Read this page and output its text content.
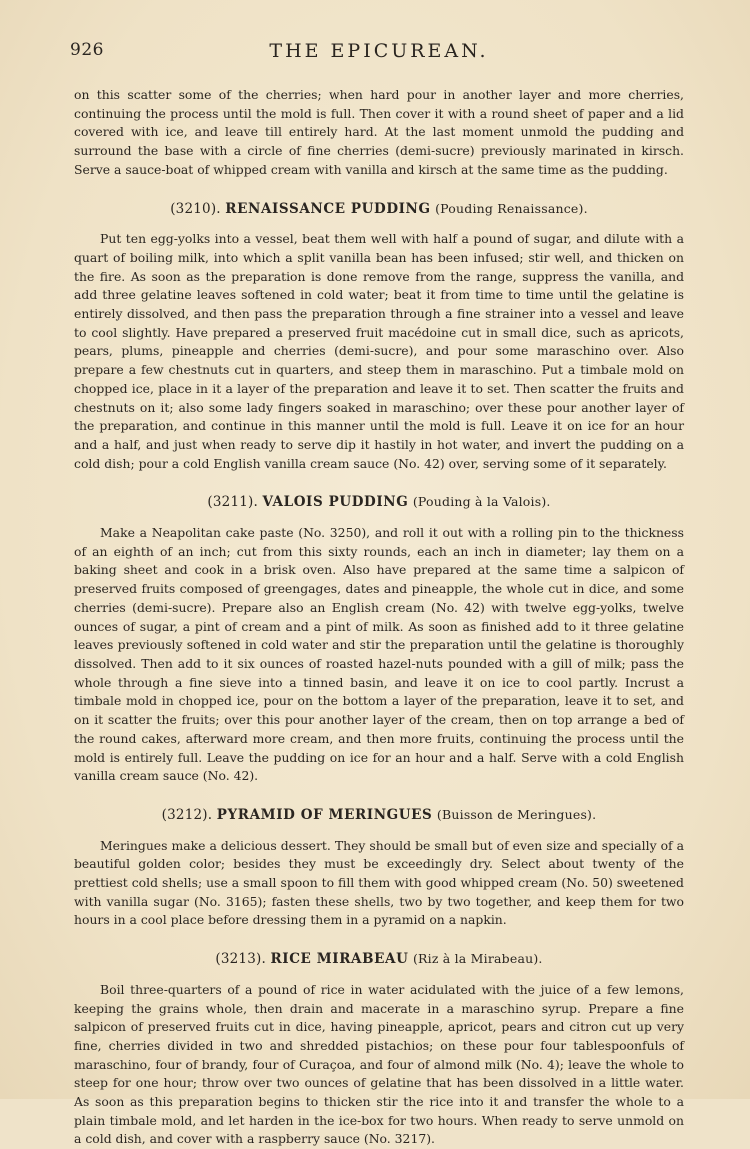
926	THE EPICUREAN.

on this scatter some of the cherries; when hard pour in another layer and more cherries, continuing the process until the mold is full. Then cover it with a round sheet of paper and a lid covered with ice, and leave till entirely hard. At the last moment unmold the pudding and surround the base with a circle of fine cherries (demi-sucre) previously marinated in kirsch. Serve a sauce-boat of whipped cream with vanilla and kirsch at the same time as the pudding.

(3210). RENAISSANCE PUDDING (Pouding Renaissance).

Put ten egg-yolks into a vessel, beat them well with half a pound of sugar, and dilute with a quart of boiling milk, into which a split vanilla bean has been infused; stir well, and thicken on the fire. As soon as the preparation is done remove from the range, suppress the vanilla, and add three gelatine leaves softened in cold water; beat it from time to time until the gelatine is entirely dissolved, and then pass the preparation through a fine strainer into a vessel and leave to cool slightly. Have prepared a preserved fruit macédoine cut in small dice, such as apricots, pears, plums, pineapple and cherries (demi-sucre), and pour some maraschino over. Also prepare a few chestnuts cut in quarters, and steep them in maraschino. Put a timbale mold on chopped ice, place in it a layer of the preparation and leave it to set. Then scatter the fruits and chestnuts on it; also some lady fingers soaked in maraschino; over these pour another layer of the preparation, and continue in this manner until the mold is full. Leave it on ice for an hour and a half, and just when ready to serve dip it hastily in hot water, and invert the pudding on a cold dish; pour a cold English vanilla cream sauce (No. 42) over, serving some of it separately.

(3211). VALOIS PUDDING (Pouding à la Valois).

Make a Neapolitan cake paste (No. 3250), and roll it out with a rolling pin to the thickness of an eighth of an inch; cut from this sixty rounds, each an inch in diameter; lay them on a baking sheet and cook in a brisk oven. Also have prepared at the same time a salpicon of preserved fruits composed of greengages, dates and pineapple, the whole cut in dice, and some cherries (demi-sucre). Prepare also an English cream (No. 42) with twelve egg-yolks, twelve ounces of sugar, a pint of cream and a pint of milk. As soon as finished add to it three gelatine leaves previously softened in cold water and stir the preparation until the gelatine is thoroughly dissolved. Then add to it six ounces of roasted hazel-nuts pounded with a gill of milk; pass the whole through a fine sieve into a tinned basin, and leave it on ice to cool partly. Incrust a timbale mold in chopped ice, pour on the bottom a layer of the preparation, leave it to set, and on it scatter the fruits; over this pour another layer of the cream, then on top arrange a bed of the round cakes, afterward more cream, and then more fruits, continuing the process until the mold is entirely full. Leave the pudding on ice for an hour and a half. Serve with a cold English vanilla cream sauce (No. 42).

(3212). PYRAMID OF MERINGUES (Buisson de Meringues).

Meringues make a delicious dessert. They should be small but of even size and specially of a beautiful golden color; besides they must be exceedingly dry. Select about twenty of the prettiest cold shells; use a small spoon to fill them with good whipped cream (No. 50) sweetened with vanilla sugar (No. 3165); fasten these shells, two by two together, and keep them for two hours in a cool place before dressing them in a pyramid on a napkin.

(3213). RICE MIRABEAU (Riz à la Mirabeau).

Boil three-quarters of a pound of rice in water acidulated with the juice of a few lemons, keeping the grains whole, then drain and macerate in a maraschino syrup. Prepare a fine salpicon of preserved fruits cut in dice, having pineapple, apricot, pears and citron cut up very fine, cherries divided in two and shredded pistachios; on these pour four tablespoonfuls of maraschino, four of brandy, four of Curaçoa, and four of almond milk (No. 4); leave the whole to steep for one hour; throw over two ounces of gelatine that has been dissolved in a little water. As soon as this preparation begins to thicken stir the rice into it and transfer the whole to a plain timbale mold, and let harden in the ice-box for two hours. When ready to serve unmold on a cold dish, and cover with a raspberry sauce (No. 3217).
